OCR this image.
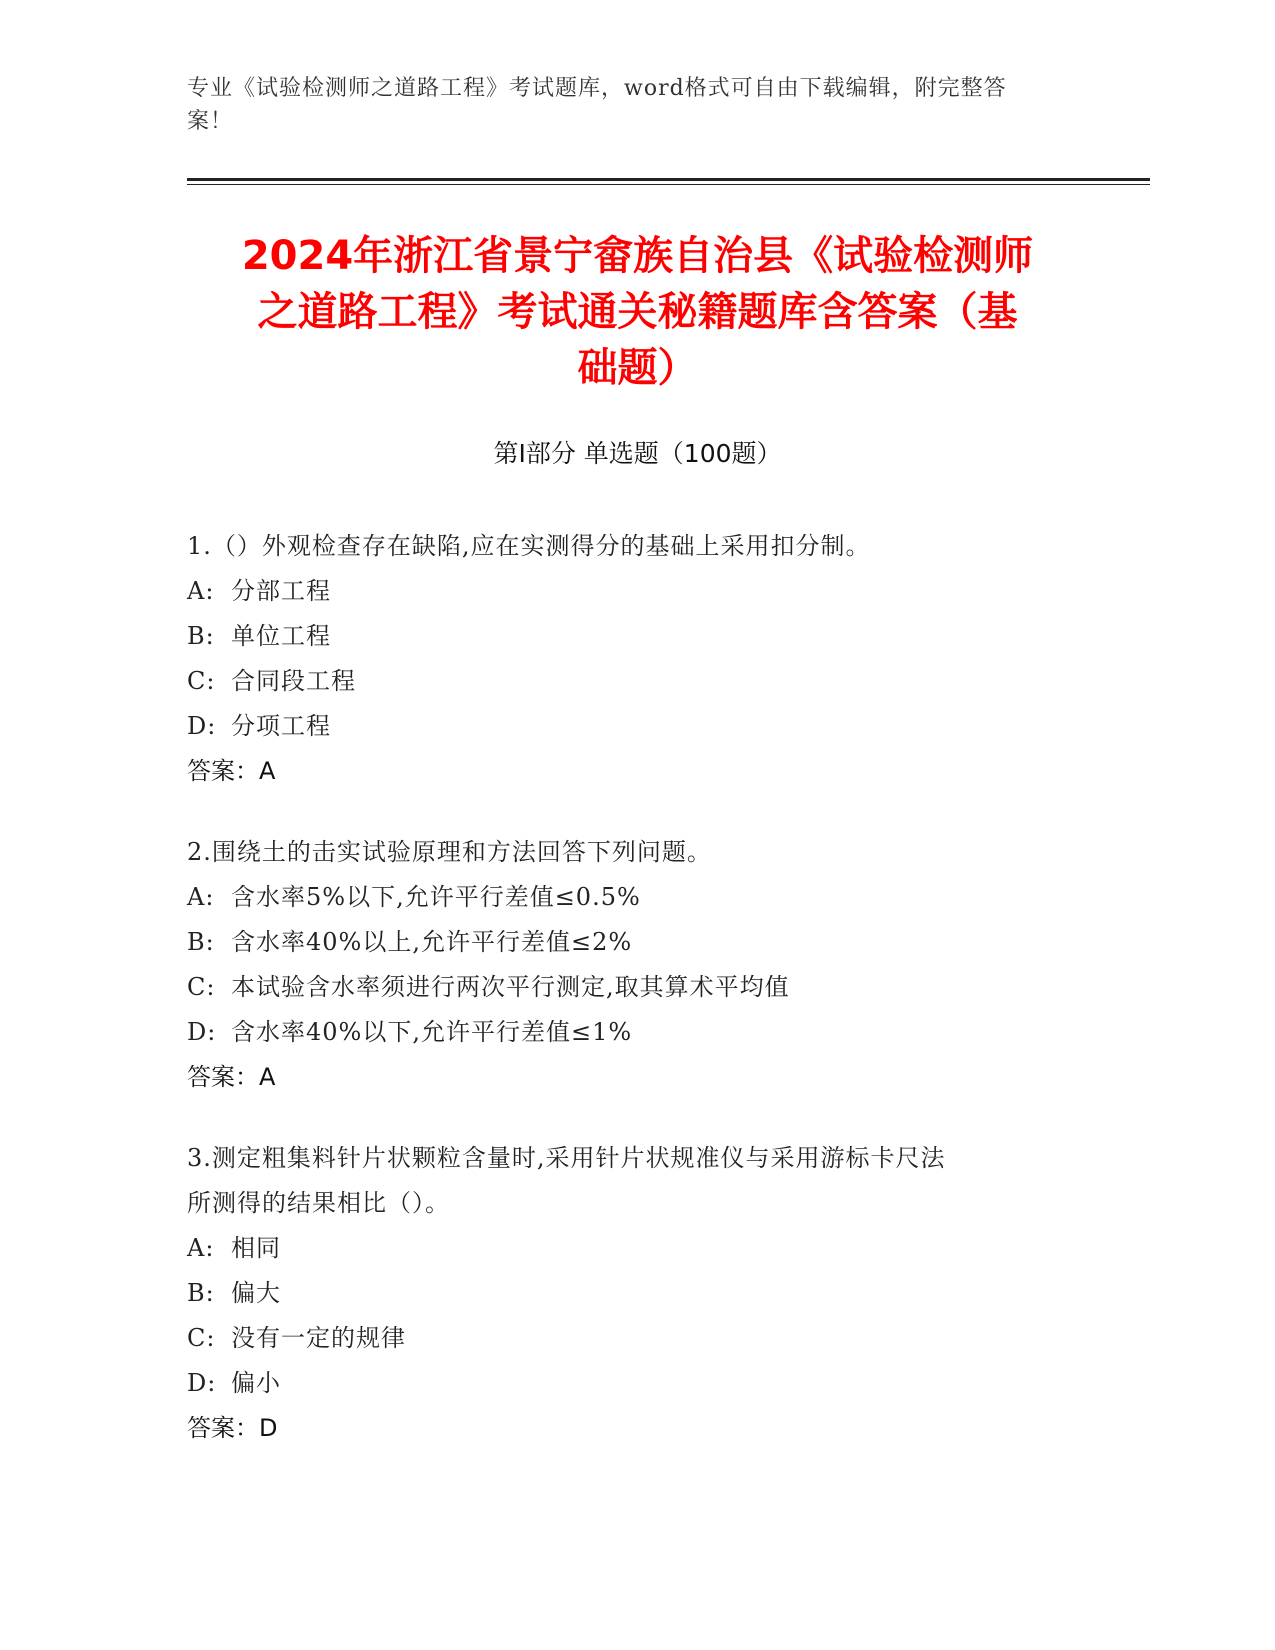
专业《试验检测师之道路工程》考试题库，word格式可自由下载编辑，附完整答
案！
2024年浙江省景宁畲族自治县《试验检测师
之道路工程》考试通关秘籍题库含答案（基
础题）
第Ⅰ部分 单选题（100题）
1.（）外观检查存在缺陷,应在实测得分的基础上采用扣分制。
A: 分部工程
B: 单位工程
C: 合同段工程
D: 分项工程
答案：A
2.围绕土的击实试验原理和方法回答下列问题。
A: 含水率5%以下,允许平行差值≤0.5%
B: 含水率40%以上,允许平行差值≤2%
C: 本试验含水率须进行两次平行测定,取其算术平均值
D: 含水率40%以下,允许平行差值≤1%
答案：A
3.测定粗集料针片状颗粒含量时,采用针片状规准仪与采用游标卡尺法
所测得的结果相比（）。
A: 相同
B: 偏大
C: 没有一定的规律
D: 偏小
答案：D
